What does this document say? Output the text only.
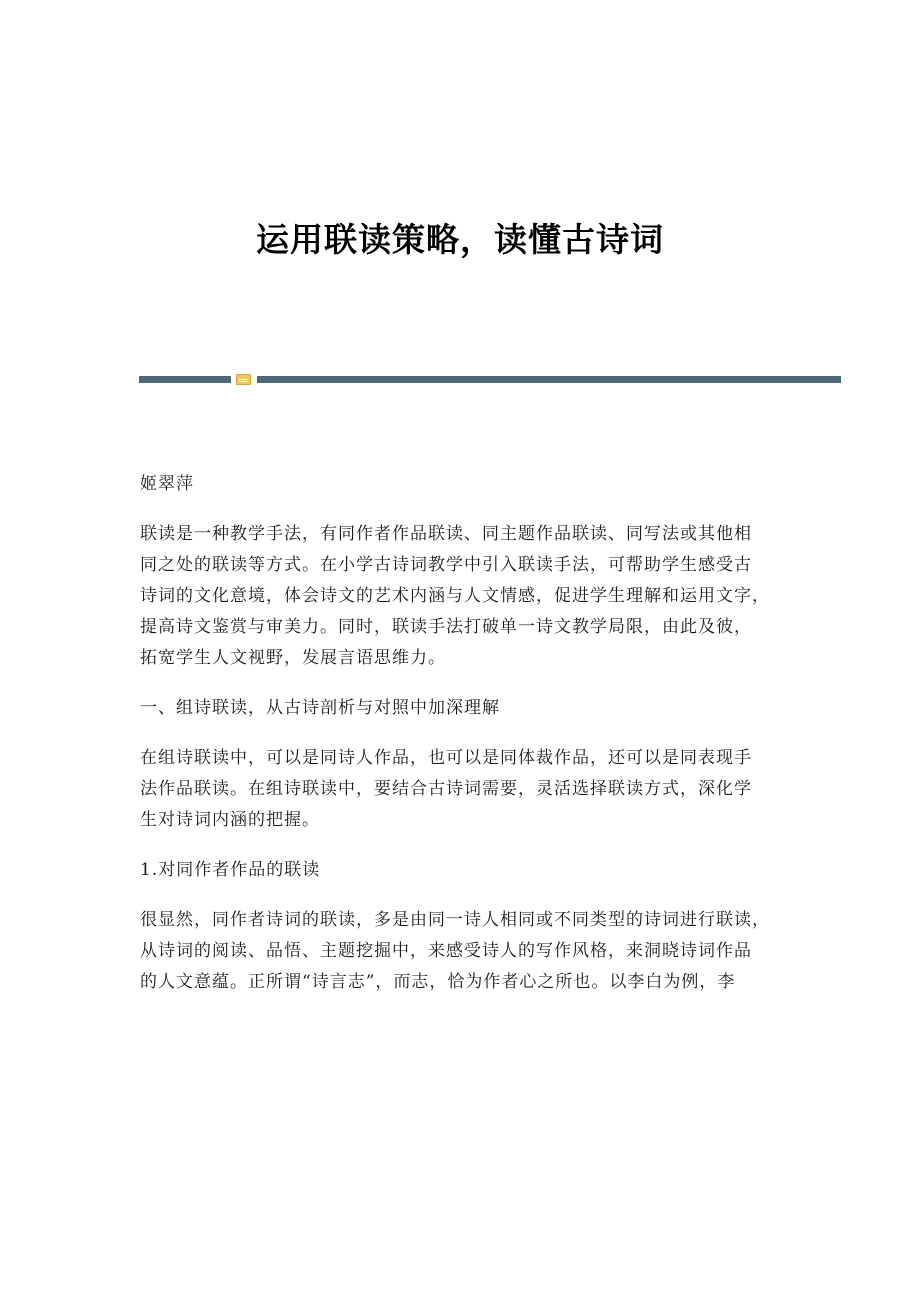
运用联读策略，读懂古诗词

姬翠萍

联读是一种教学手法，有同作者作品联读、同主题作品联读、同写法或其他相
同之处的联读等方式。在小学古诗词教学中引入联读手法，可帮助学生感受古
诗词的文化意境，体会诗文的艺术内涵与人文情感，促进学生理解和运用文字，
提高诗文鉴赏与审美力。同时，联读手法打破单一诗文教学局限，由此及彼，
拓宽学生人文视野，发展言语思维力。

一、组诗联读，从古诗剖析与对照中加深理解

在组诗联读中，可以是同诗人作品，也可以是同体裁作品，还可以是同表现手
法作品联读。在组诗联读中，要结合古诗词需要，灵活选择联读方式，深化学
生对诗词内涵的把握。

1.对同作者作品的联读

很显然，同作者诗词的联读，多是由同一诗人相同或不同类型的诗词进行联读，
从诗词的阅读、品悟、主题挖掘中，来感受诗人的写作风格，来洞晓诗词作品
的人文意蕴。正所谓“诗言志”，而志，恰为作者心之所也。以李白为例，李
